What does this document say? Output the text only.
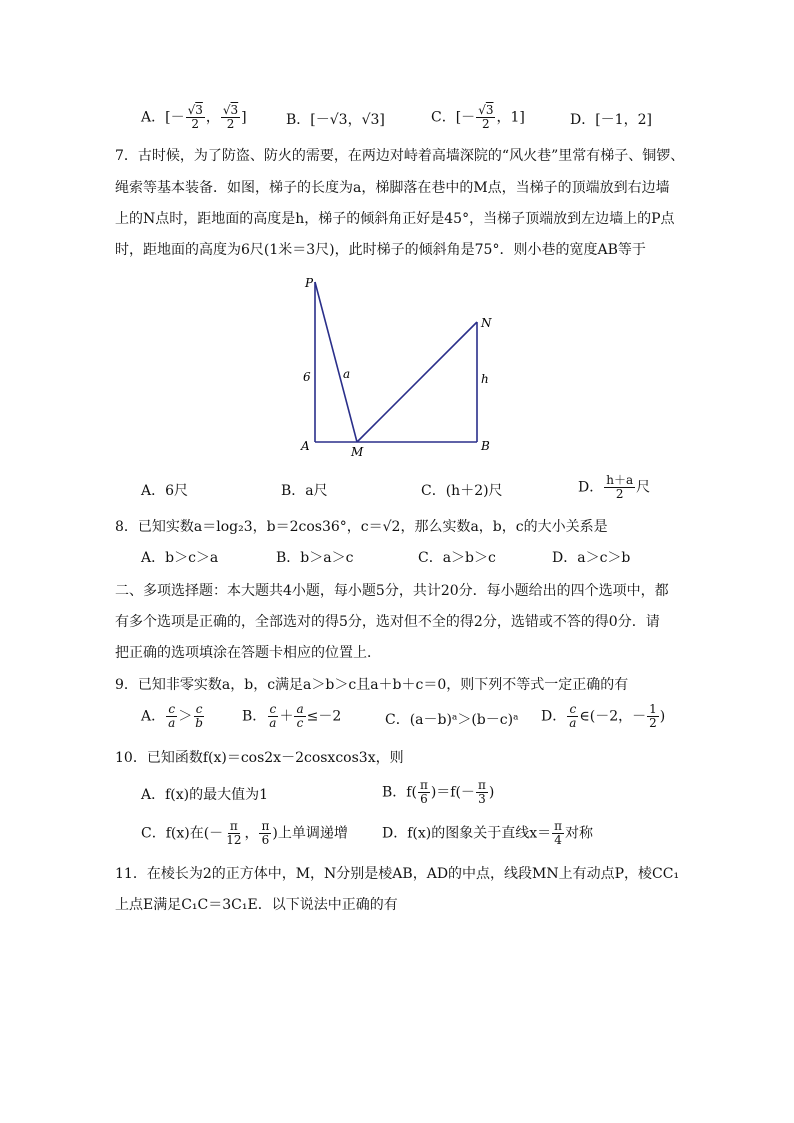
A．[－ $\frac{√3}{2}$ ， $\frac{√3}{2}$ ]	B．[－√3，√3]	C．[－ $\frac{√3}{2}$ ，1]	D．[－1，2]
7．古时候，为了防盗、防火的需要，在两边对峙着高墙深院的“风火巷”里常有梯子、铜锣、
绳索等基本装备．如图，梯子的长度为a，梯脚落在巷中的M点，当梯子的顶端放到右边墙
上的N点时，距地面的高度是h，梯子的倾斜角正好是45°，当梯子顶端放到左边墙上的P点
时，距地面的高度为6尺(1米＝3尺)，此时梯子的倾斜角是75°．则小巷的宽度AB等于
P
N
A	M	B
6	a	h
A．6尺	B．a尺	C．(h＋2)尺	D． $\frac{h+a}{2}$ 尺
8．已知实数a＝log₂3，b＝2cos36°，c＝√2，那么实数a，b，c的大小关系是
A．b＞c＞a	B．b＞a＞c	C．a＞b＞c	D．a＞c＞b
二、多项选择题：本大题共4小题，每小题5分，共计20分．每小题给出的四个选项中，都
有多个选项是正确的，全部选对的得5分，选对但不全的得2分，选错或不答的得0分．请
把正确的选项填涂在答题卡相应的位置上．
9．已知非零实数a，b，c满足a＞b＞c且a＋b＋c＝0，则下列不等式一定正确的有
A． $\frac{c}{a} > \frac{c}{b}$	B． $\frac{c}{a} + \frac{a}{c} \le-2$	C．(a－b)ᵃ＞(b－c)ᵃ D． $\frac{c}{a}$ ∈(－2，－ $\frac{1}{2}$ )
10．已知函数f(x)＝cos2x－2cosxcos3x，则
A．f(x)的最大值为1	B．$f( \frac{\pi}{6} )=f(- \frac{\pi}{3}$ )
C．f(x)在(－ $\frac{\pi}{12}$ ， $\frac{\pi}{6}$ )上单调递增 D．f(x)的图象关于直线$x= \frac{\pi}{4}$ 对称
11．在棱长为2的正方体中，M，N分别是棱AB，AD的中点，线段MN上有动点P，棱CC₁
上点E满足C₁C＝3C₁E．以下说法中正确的有
